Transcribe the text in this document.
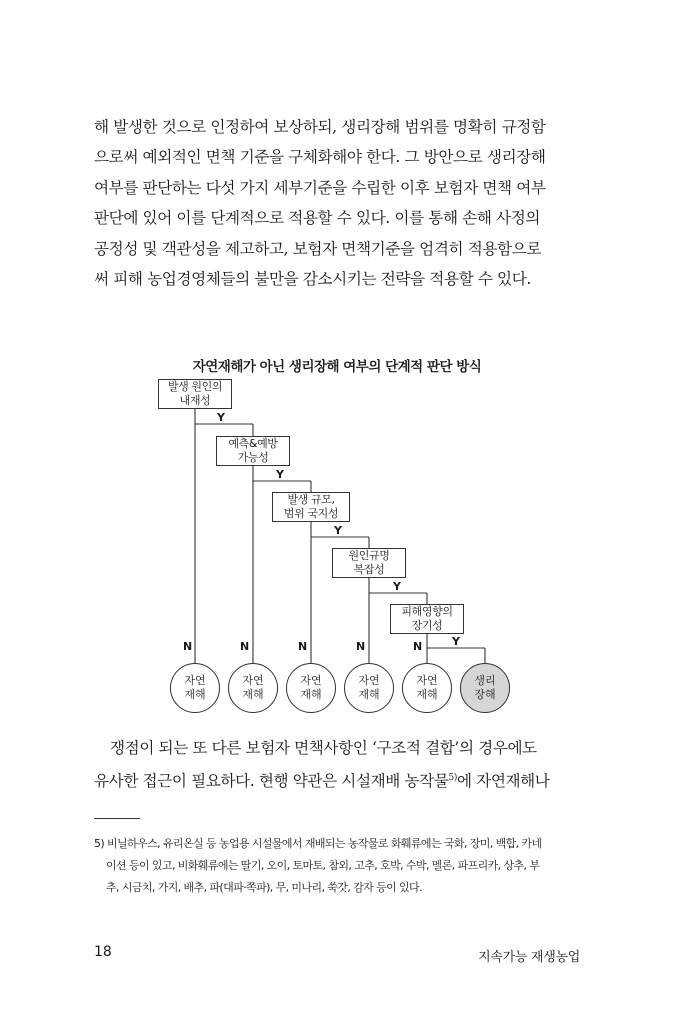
해 발생한 것으로 인정하여 보상하되, 생리장해 범위를 명확히 규정함
으로써 예외적인 면책 기준을 구체화해야 한다. 그 방안으로 생리장해
여부를 판단하는 다섯 가지 세부기준을 수립한 이후 보험자 면책 여부
판단에 있어 이를 단계적으로 적용할 수 있다. 이를 통해 손해 사정의
공정성 및 객관성을 제고하고, 보험자 면책기준을 엄격히 적용함으로
써 피해 농업경영체들의 불만을 감소시키는 전략을 적용할 수 있다.

자연재해가 아닌 생리장해 여부의 단계적 판단 방식

발생 원인의
내재성
예측&예방
가능성
발생 규모,
범위 국지성
원인규명
복잡성
피해영향의
장기성
Y
Y
Y
Y
Y
N	N	N	N	N
자연
재해
자연
재해
자연
재해
자연
재해
자연
재해
생리
장해
쟁점이 되는 또 다른 보험자 면책사항인 ‘구조적 결합’의 경우에도
유사한 접근이 필요하다. 현행 약관은 시설재배 농작물$^{5)}$에 자연재해나
5) 비닐하우스, 유리온실 등 농업용 시설물에서 재배되는 농작물로 화훼류에는 국화, 장미, 백합, 카네
이션 등이 있고, 비화훼류에는 딸기, 오이, 토마토, 참외, 고추, 호박, 수박, 멜론, 파프리카, 상추, 부
추, 시금치, 가지, 배추, 파(대파·쪽파), 무, 미나리, 쑥갓, 감자 등이 있다.
18	지속가능 재생농업
